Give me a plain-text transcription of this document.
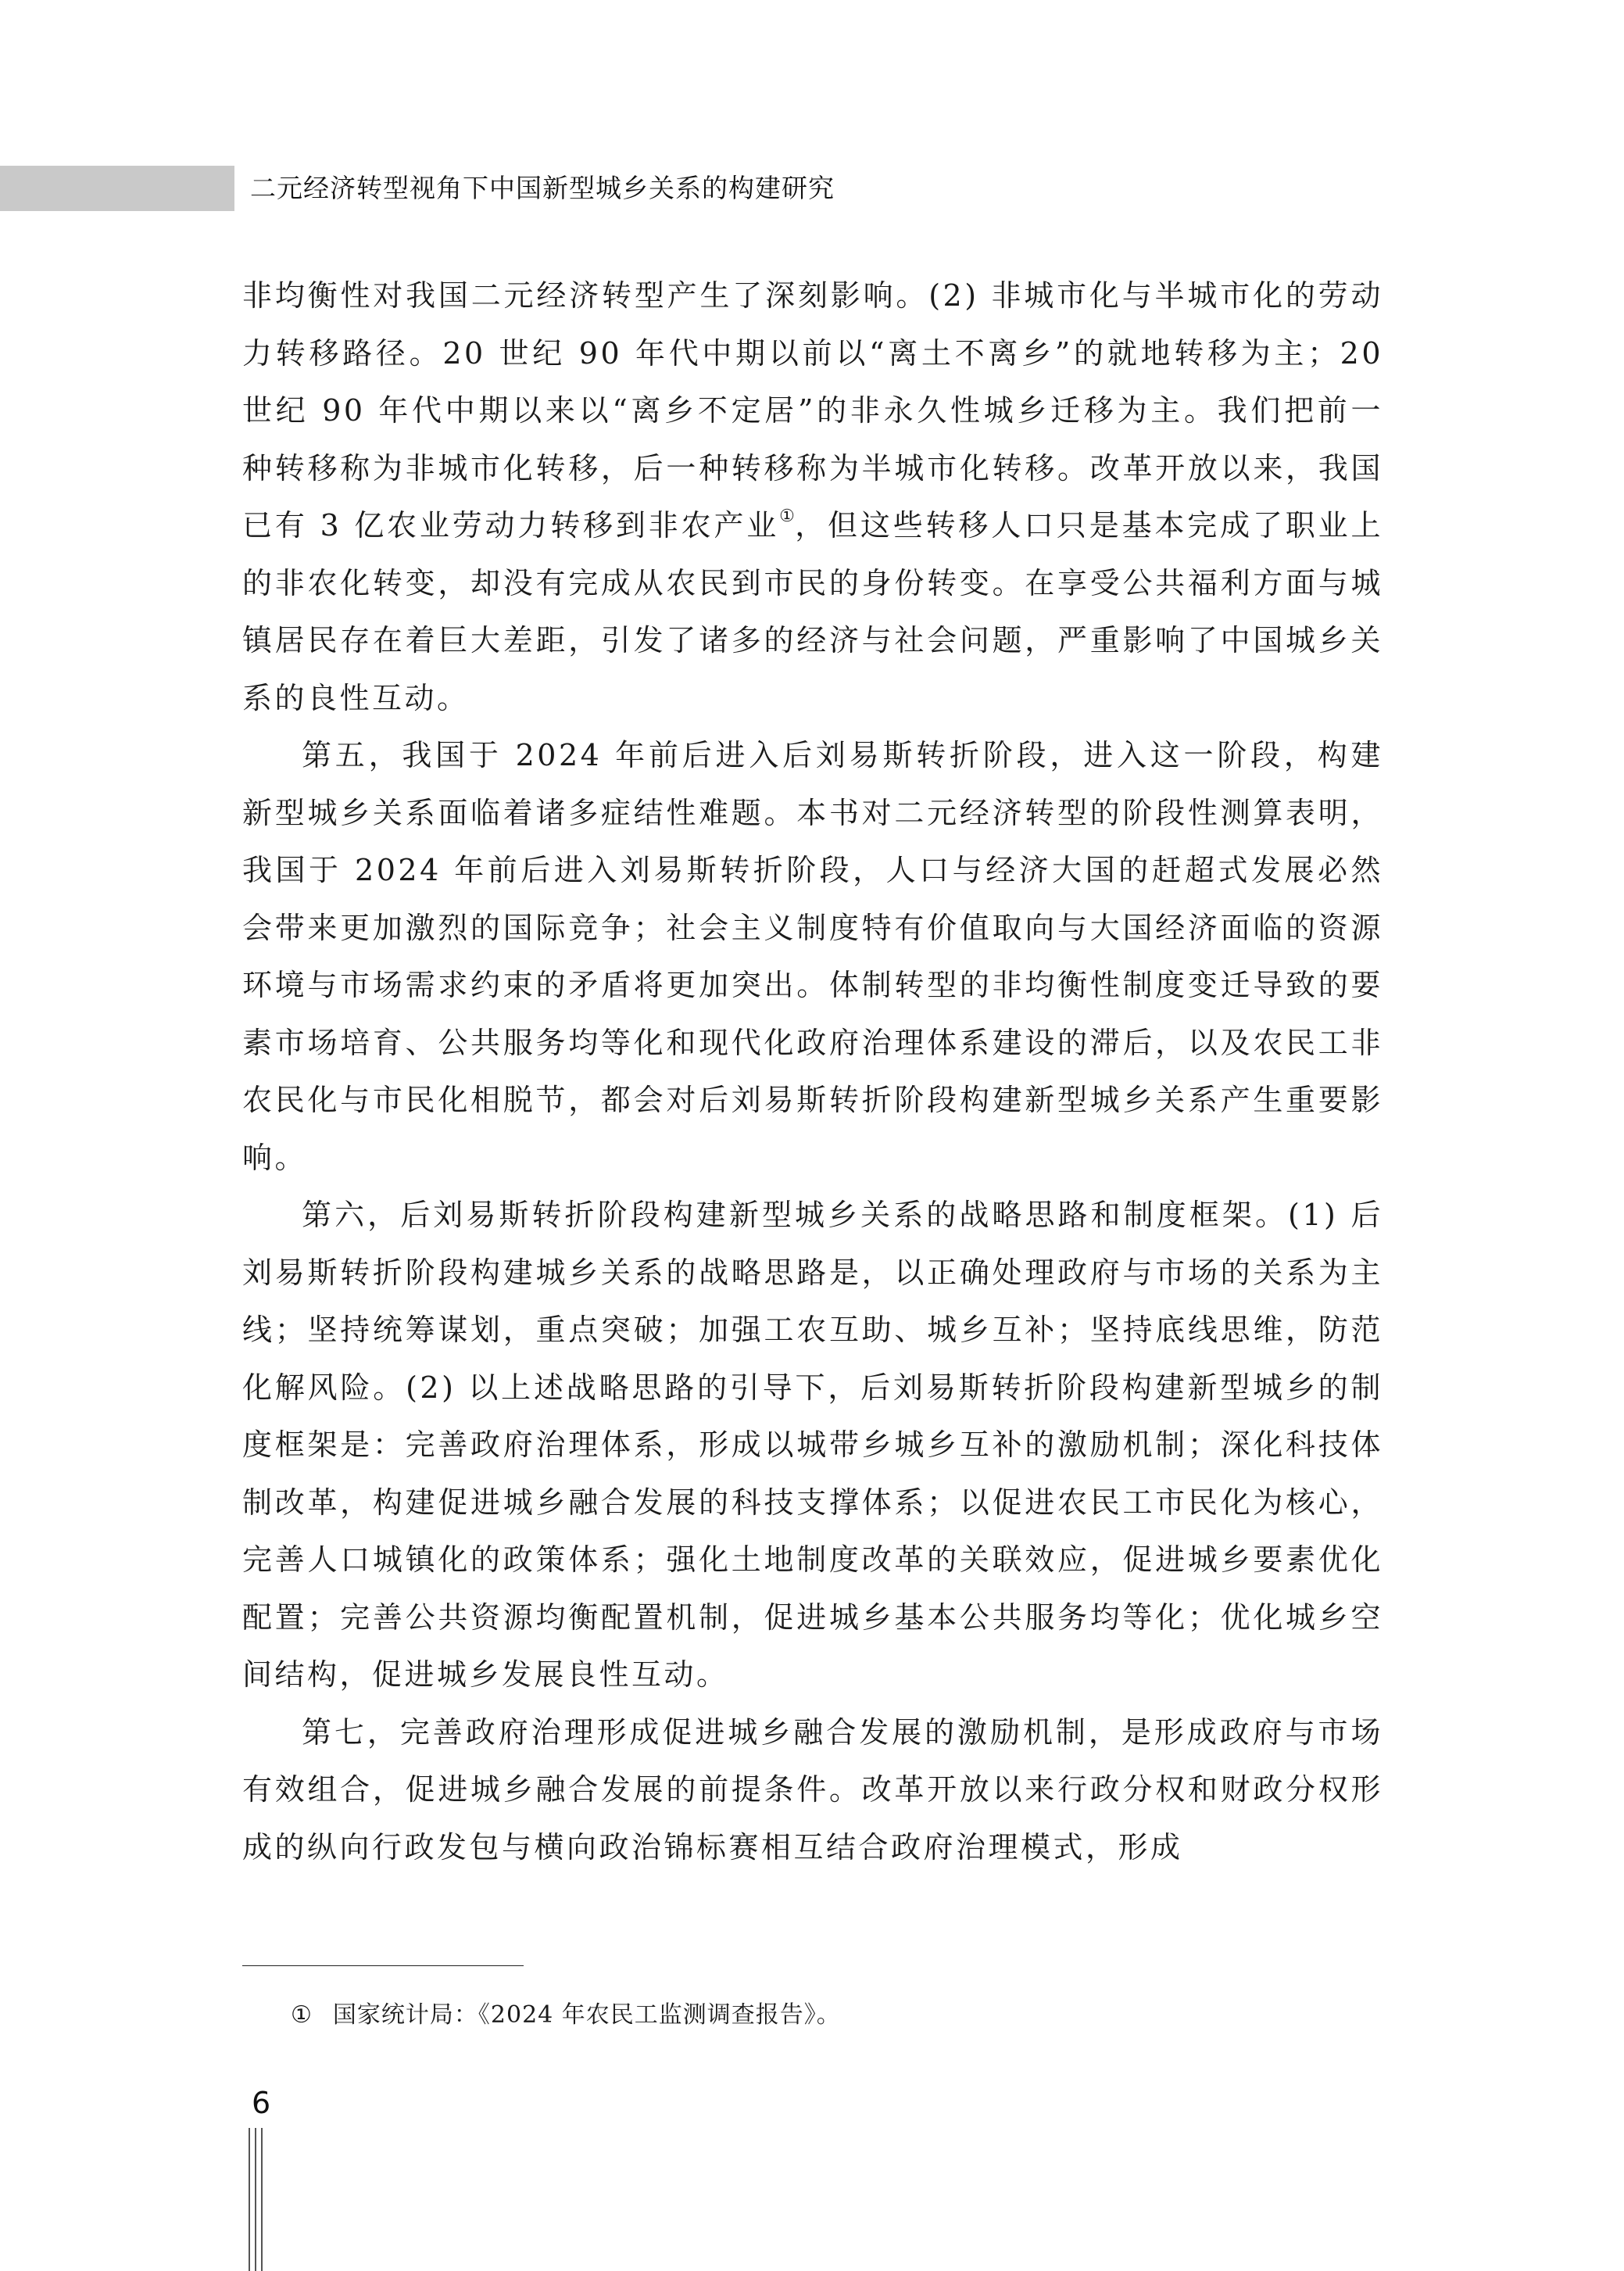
二元经济转型视角下中国新型城乡关系的构建研究

非均衡性对我国二元经济转型产生了深刻影响。(2) 非城市化与半城市化的劳动力转移路径。20 世纪 90 年代中期以前以“离土不离乡”的就地转移为主；20 世纪 90 年代中期以来以“离乡不定居”的非永久性城乡迁移为主。我们把前一种转移称为非城市化转移，后一种转移称为半城市化转移。改革开放以来，我国已有 3 亿农业劳动力转移到非农产业①，但这些转移人口只是基本完成了职业上的非农化转变，却没有完成从农民到市民的身份转变。在享受公共福利方面与城镇居民存在着巨大差距，引发了诸多的经济与社会问题，严重影响了中国城乡关系的良性互动。

第五，我国于 2024 年前后进入后刘易斯转折阶段，进入这一阶段，构建新型城乡关系面临着诸多症结性难题。本书对二元经济转型的阶段性测算表明，我国于 2024 年前后进入刘易斯转折阶段，人口与经济大国的赶超式发展必然会带来更加激烈的国际竞争；社会主义制度特有价值取向与大国经济面临的资源环境与市场需求约束的矛盾将更加突出。体制转型的非均衡性制度变迁导致的要素市场培育、公共服务均等化和现代化政府治理体系建设的滞后，以及农民工非农民化与市民化相脱节，都会对后刘易斯转折阶段构建新型城乡关系产生重要影响。

第六，后刘易斯转折阶段构建新型城乡关系的战略思路和制度框架。(1) 后刘易斯转折阶段构建城乡关系的战略思路是，以正确处理政府与市场的关系为主线；坚持统筹谋划，重点突破；加强工农互助、城乡互补；坚持底线思维，防范化解风险。(2) 以上述战略思路的引导下，后刘易斯转折阶段构建新型城乡的制度框架是：完善政府治理体系，形成以城带乡城乡互补的激励机制；深化科技体制改革，构建促进城乡融合发展的科技支撑体系；以促进农民工市民化为核心，完善人口城镇化的政策体系；强化土地制度改革的关联效应，促进城乡要素优化配置；完善公共资源均衡配置机制，促进城乡基本公共服务均等化；优化城乡空间结构，促进城乡发展良性互动。

第七，完善政府治理形成促进城乡融合发展的激励机制，是形成政府与市场有效组合，促进城乡融合发展的前提条件。改革开放以来行政分权和财政分权形成的纵向行政发包与横向政治锦标赛相互结合政府治理模式，形成

① 国家统计局：《2024 年农民工监测调查报告》。
6
